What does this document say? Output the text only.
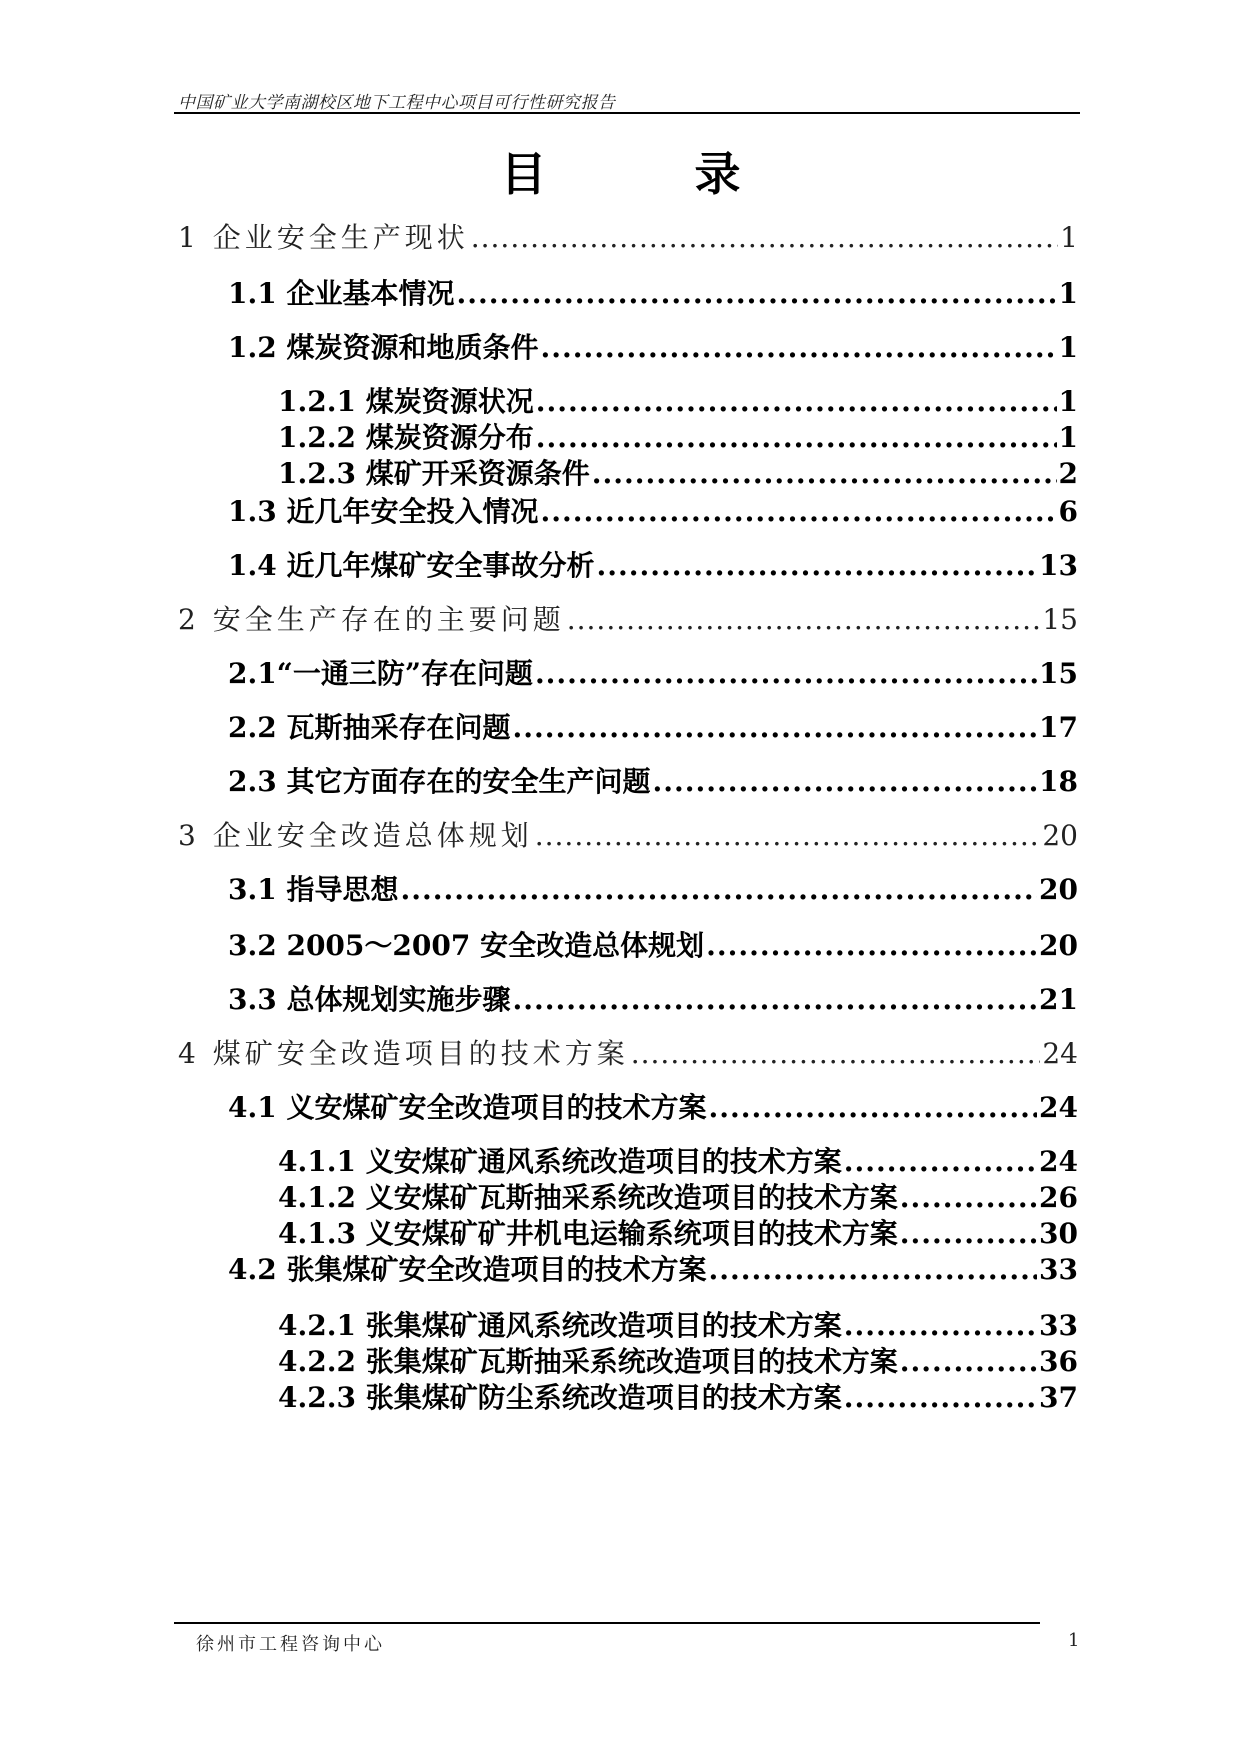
中国矿业大学南湖校区地下工程中心项目可行性研究报告
目	录
1 企业安全生产现状 .....	1
1.1 企业基本情况 .....	1
1.2 煤炭资源和地质条件 .....	1
1.2.1 煤炭资源状况 .....	1
1.2.2 煤炭资源分布 .....	1
1.2.3 煤矿开采资源条件 .....	2
1.3 近几年安全投入情况 .....	6
1.4 近几年煤矿安全事故分析 .....	13
2 安全生产存在的主要问题 .....	15
2.1“一通三防”存在问题 .....	15
2.2 瓦斯抽采存在问题 .....	17
2.3 其它方面存在的安全生产问题 .....	18
3 企业安全改造总体规划 .....	20
3.1 指导思想 .....	20
3.2 2005～2007 安全改造总体规划 .....	20
3.3 总体规划实施步骤 .....	21
4 煤矿安全改造项目的技术方案 .....	24
4.1 义安煤矿安全改造项目的技术方案 .....	24
4.1.1 义安煤矿通风系统改造项目的技术方案 .....	24
4.1.2 义安煤矿瓦斯抽采系统改造项目的技术方案 .....	26
4.1.3 义安煤矿矿井机电运输系统项目的技术方案 .....	30
4.2 张集煤矿安全改造项目的技术方案 .....	33
4.2.1 张集煤矿通风系统改造项目的技术方案 .....	33
4.2.2 张集煤矿瓦斯抽采系统改造项目的技术方案 .....	36
4.2.3 张集煤矿防尘系统改造项目的技术方案 .....	37
徐州市工程咨询中心	1
